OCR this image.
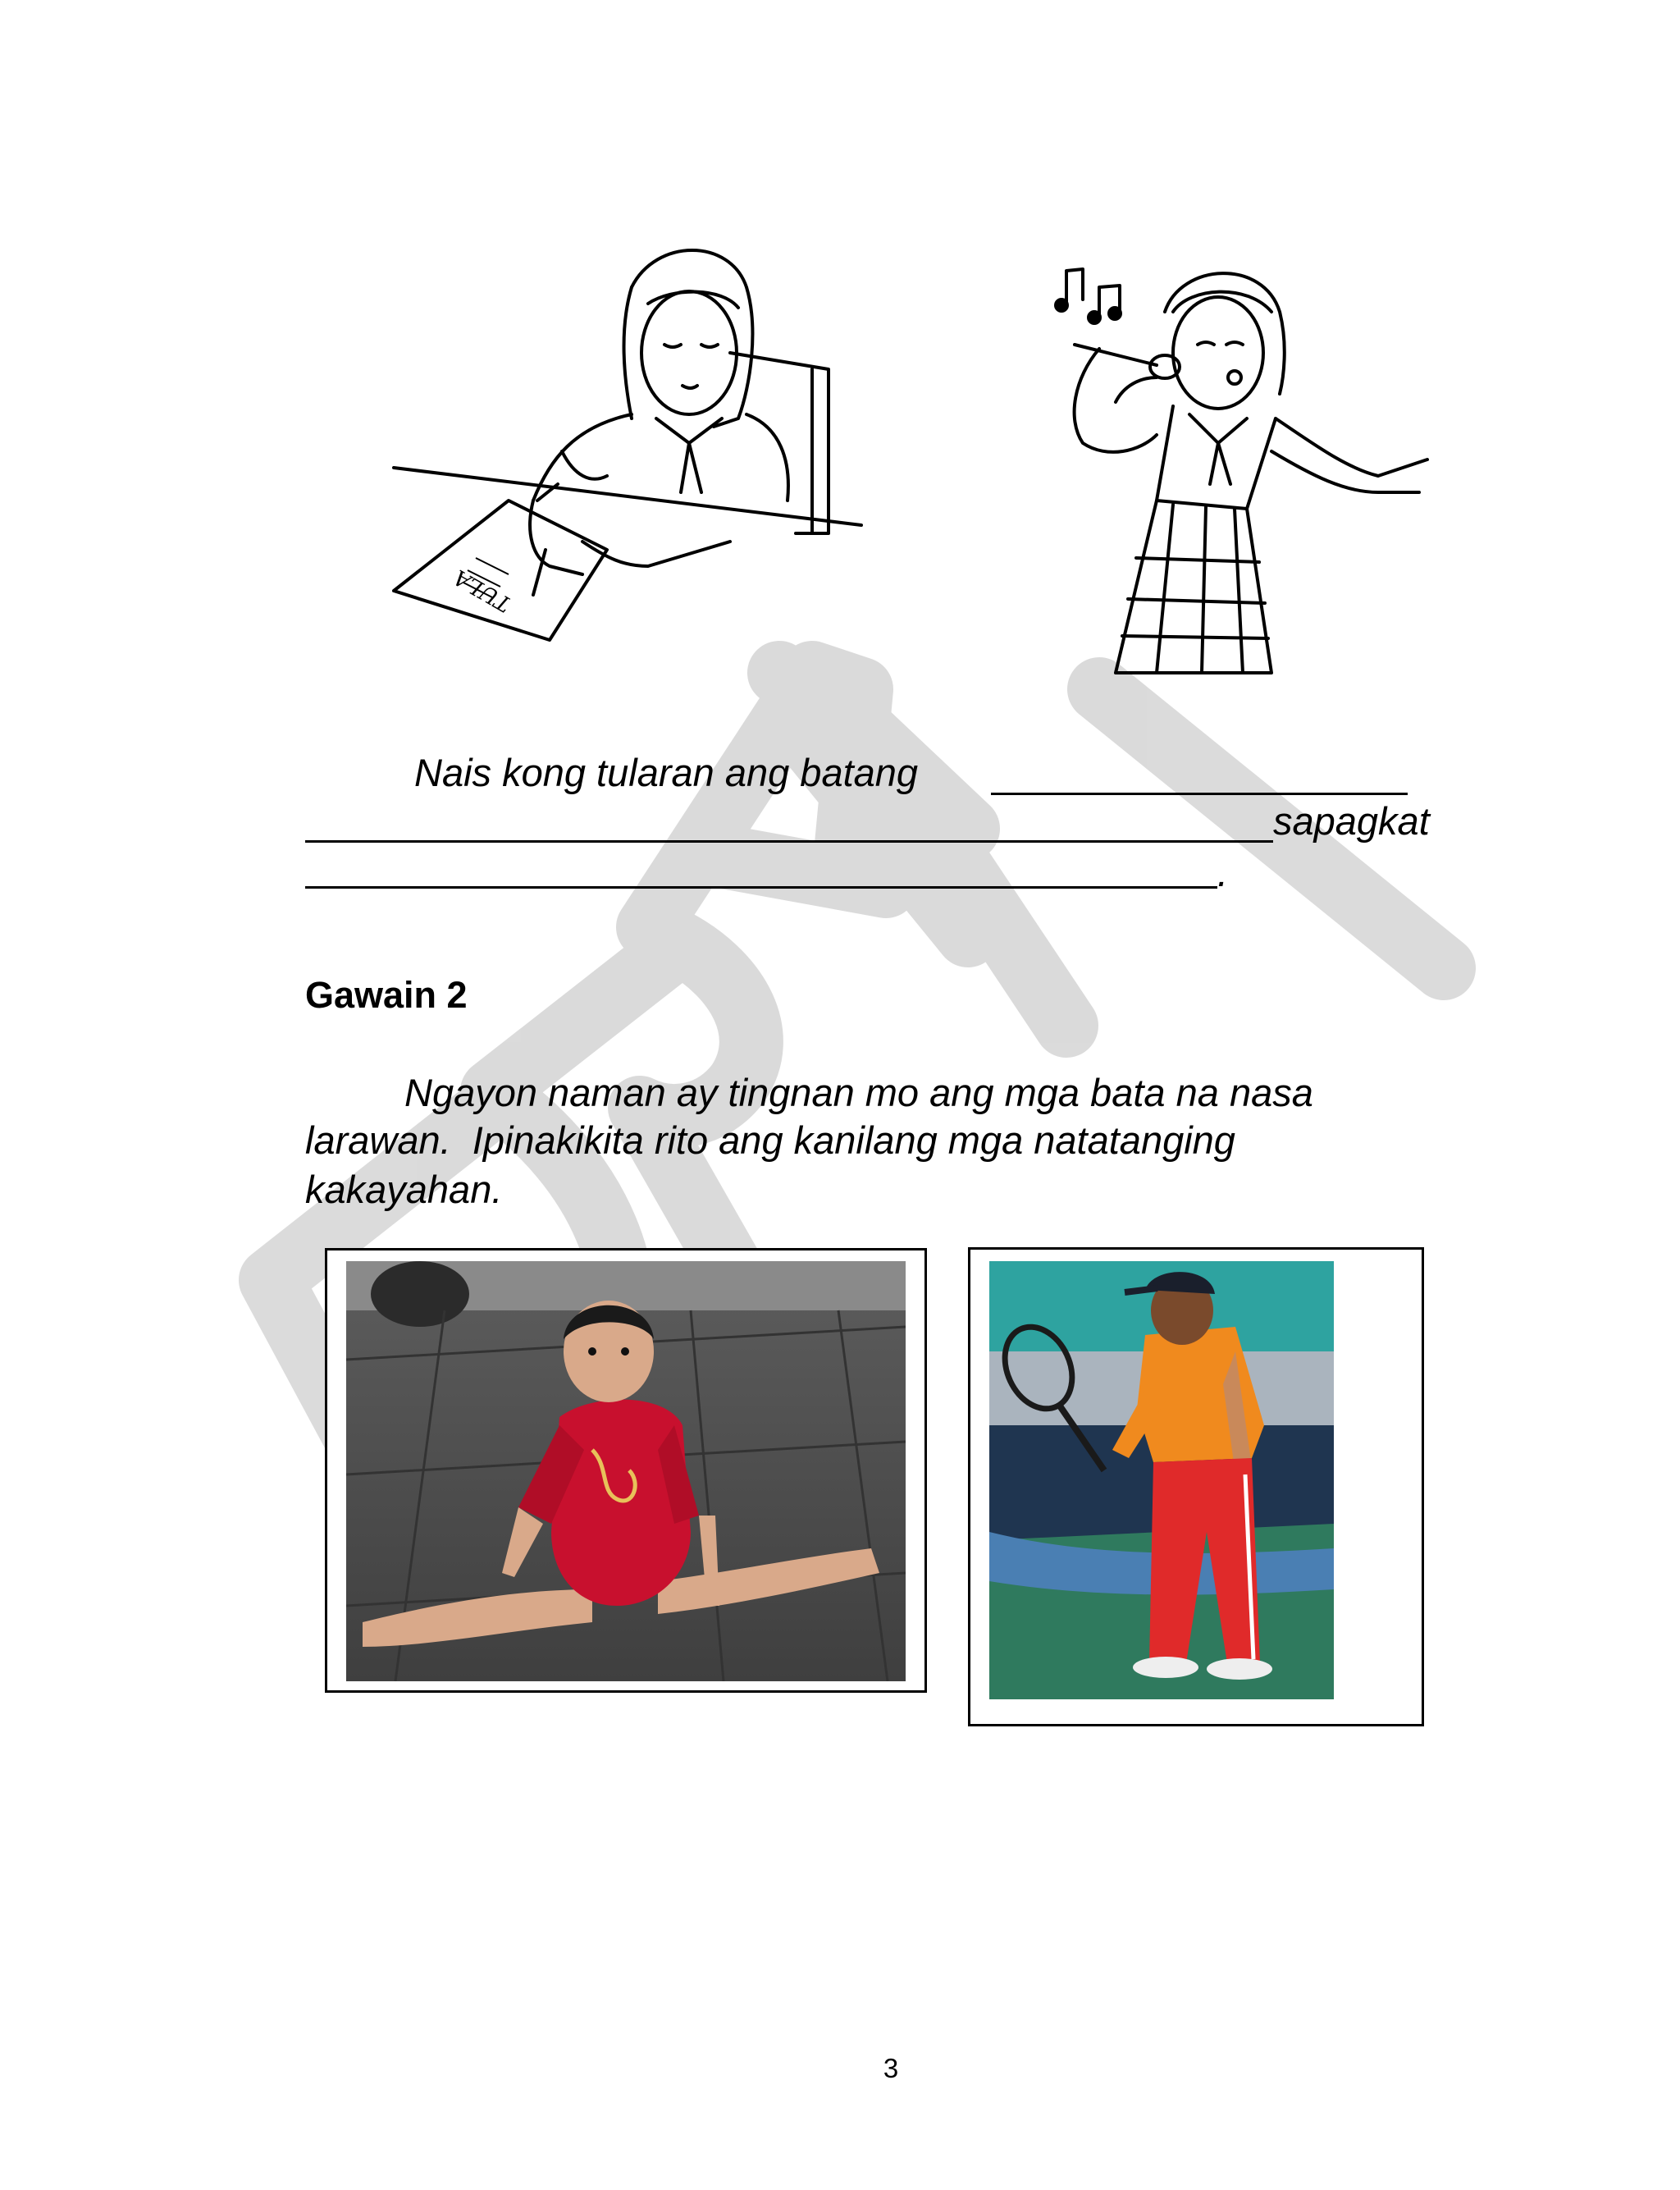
TULA
Nais kong tularan ang batang
sapagkat
.
Gawain 2
Ngayon naman ay tingnan mo ang mga bata na nasa
larawan.  Ipinakikita rito ang kanilang mga natatanging
kakayahan.
3
